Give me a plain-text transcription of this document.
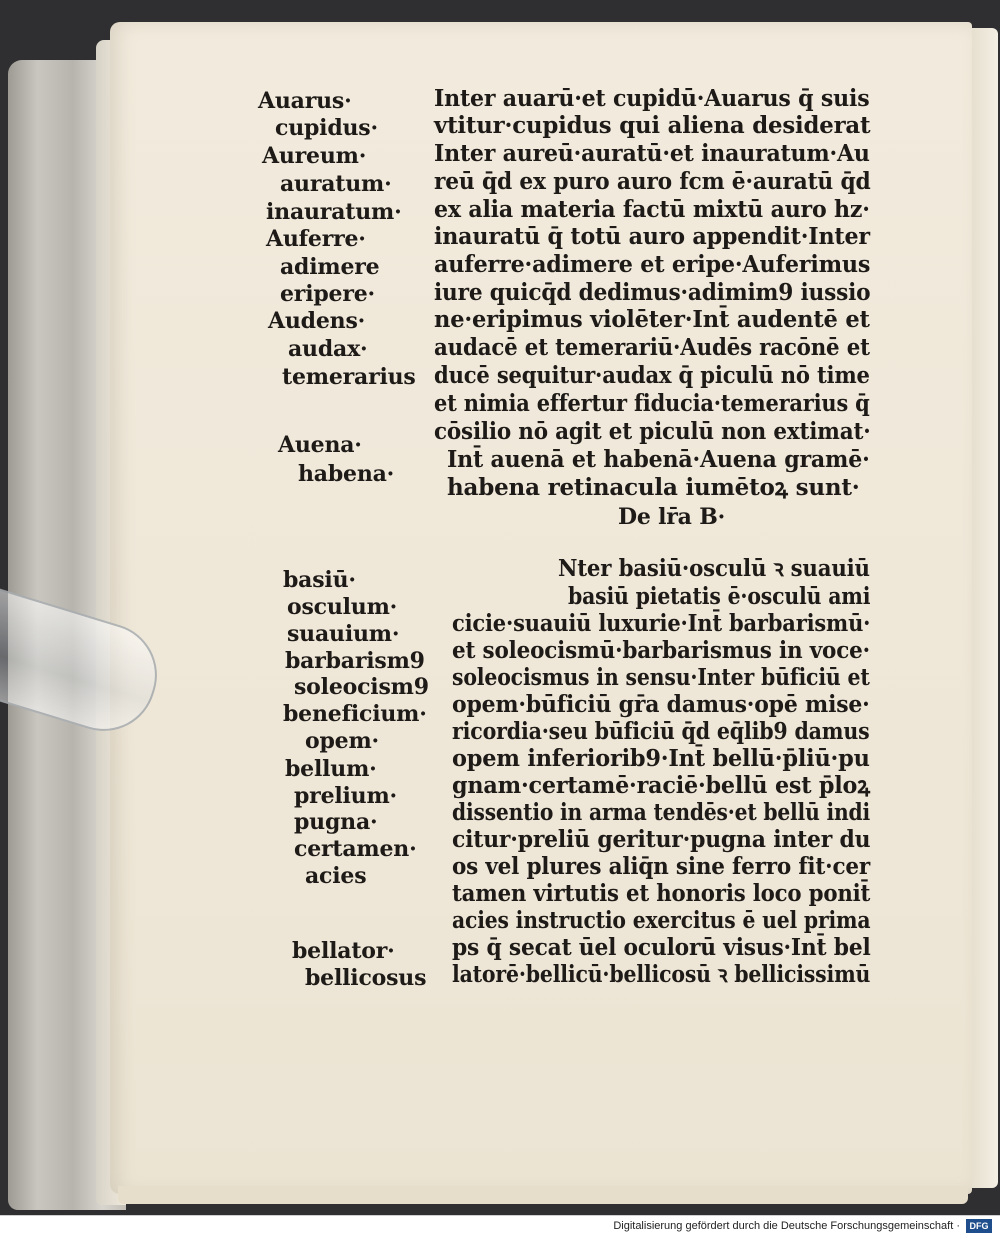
Auarus·
cupidus·
Aureum·
auratum·
inauratum·
Auferre·
adimere
eripere·
Audens·
audax·
temerarius
Auena·
habena·
basiū·
osculum·
suauium·
barbarism9
soleocism9
beneficium·
opem·
bellum·
prelium·
pugna·
certamen·
acies
bellator·
bellicosus
Inter auarū·et cupidū·Auarus q̄ suis
vtitur·cupidus qui aliena desiderat
Inter aureū·auratū·et inauratum·Au
reū q̄d ex puro auro fcm ē·auratū q̄d
ex alia materia factū mixtū auro hz·
inauratū q̄ totū auro appendit·Inter
auferre·adimere et eripe·Auferimus
iure quicq̄d dedimus·adimim9 iussio
ne·eripimus violēter·Int̄ audentē et
audacē et temerariū·Audēs racōnē et
ducē sequitur·audax q̄ piculū nō time
et nimia effertur fiducia·temerarius q̄
cōsilio nō agit et piculū non extimat·
Int̄ auenā et habenā·Auena gramē·
habena retinacula iumētoꝝ sunt·
De lr̄a B·
Nter basiū·osculū ꝛ suauiū
basiū pietatis ē·osculū ami
cicie·suauiū luxurie·Int̄ barbarismū·
et soleocismū·barbarismus in voce·
soleocismus in sensu·Inter būficiū et
opem·būficiū gr̄a damus·opē mise·
ricordia·seu būficiū q̄d eq̄lib9 damus
opem inferiorib9·Int̄ bellū·p̄liū·pu
gnam·certamē·raciē·bellū est p̄loꝝ
dissentio in arma tendēs·et bellū indi
citur·preliū geritur·pugna inter du
os vel plures aliq̄n sine ferro fit·cer
tamen virtutis et honoris loco ponit̄
acies instructio exercitus ē uel prima
ps q̄ secat ūel oculorū visus·Int̄ bel
latorē·bellicū·bellicosū ꝛ bellicissimū
Digitalisierung gefördert durch die Deutsche Forschungsgemeinschaft ·	DFG
